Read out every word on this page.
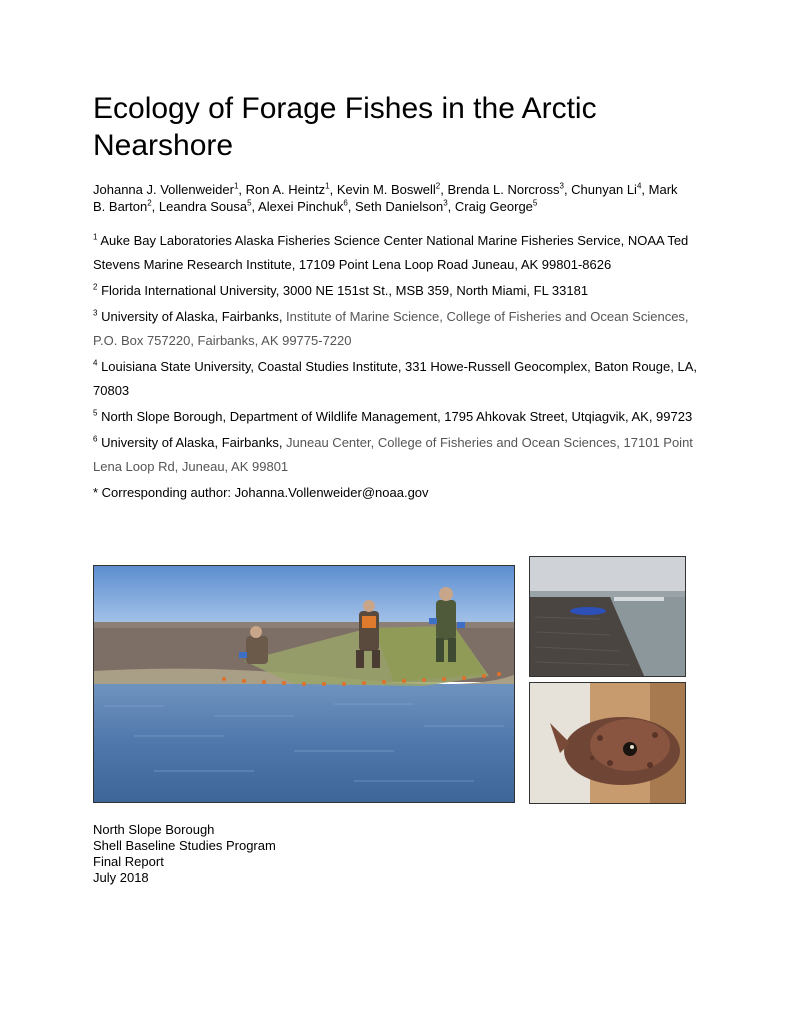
Ecology of Forage Fishes in the Arctic Nearshore
Johanna J. Vollenweider$^1$, Ron A. Heintz$^1$, Kevin M. Boswell$^2$, Brenda L. Norcross$^3$, Chunyan Li$^4$, Mark B. Barton$^2$, Leandra Sousa$^5$, Alexei Pinchuk$^6$, Seth Danielson$^3$, Craig George$^5$

$^1$ Auke Bay Laboratories Alaska Fisheries Science Center National Marine Fisheries Service, NOAA Ted Stevens Marine Research Institute, 17109 Point Lena Loop Road Juneau, AK 99801-8626

$^2$ Florida International University, 3000 NE 151st St., MSB 359, North Miami, FL 33181

$^3$ University of Alaska, Fairbanks, Institute of Marine Science, College of Fisheries and Ocean Sciences, P.O. Box 757220, Fairbanks, AK 99775-7220

$^4$ Louisiana State University, Coastal Studies Institute, 331 Howe-Russell Geocomplex, Baton Rouge, LA, 70803

$^5$ North Slope Borough, Department of Wildlife Management, 1795 Ahkovak Street, Utqiagvik, AK, 99723

$^6$ University of Alaska, Fairbanks, Juneau Center, College of Fisheries and Ocean Sciences, 17101 Point Lena Loop Rd, Juneau, AK 99801

* Corresponding author: Johanna.Vollenweider@noaa.gov

North Slope Borough
Shell Baseline Studies Program
Final Report
July 2018
